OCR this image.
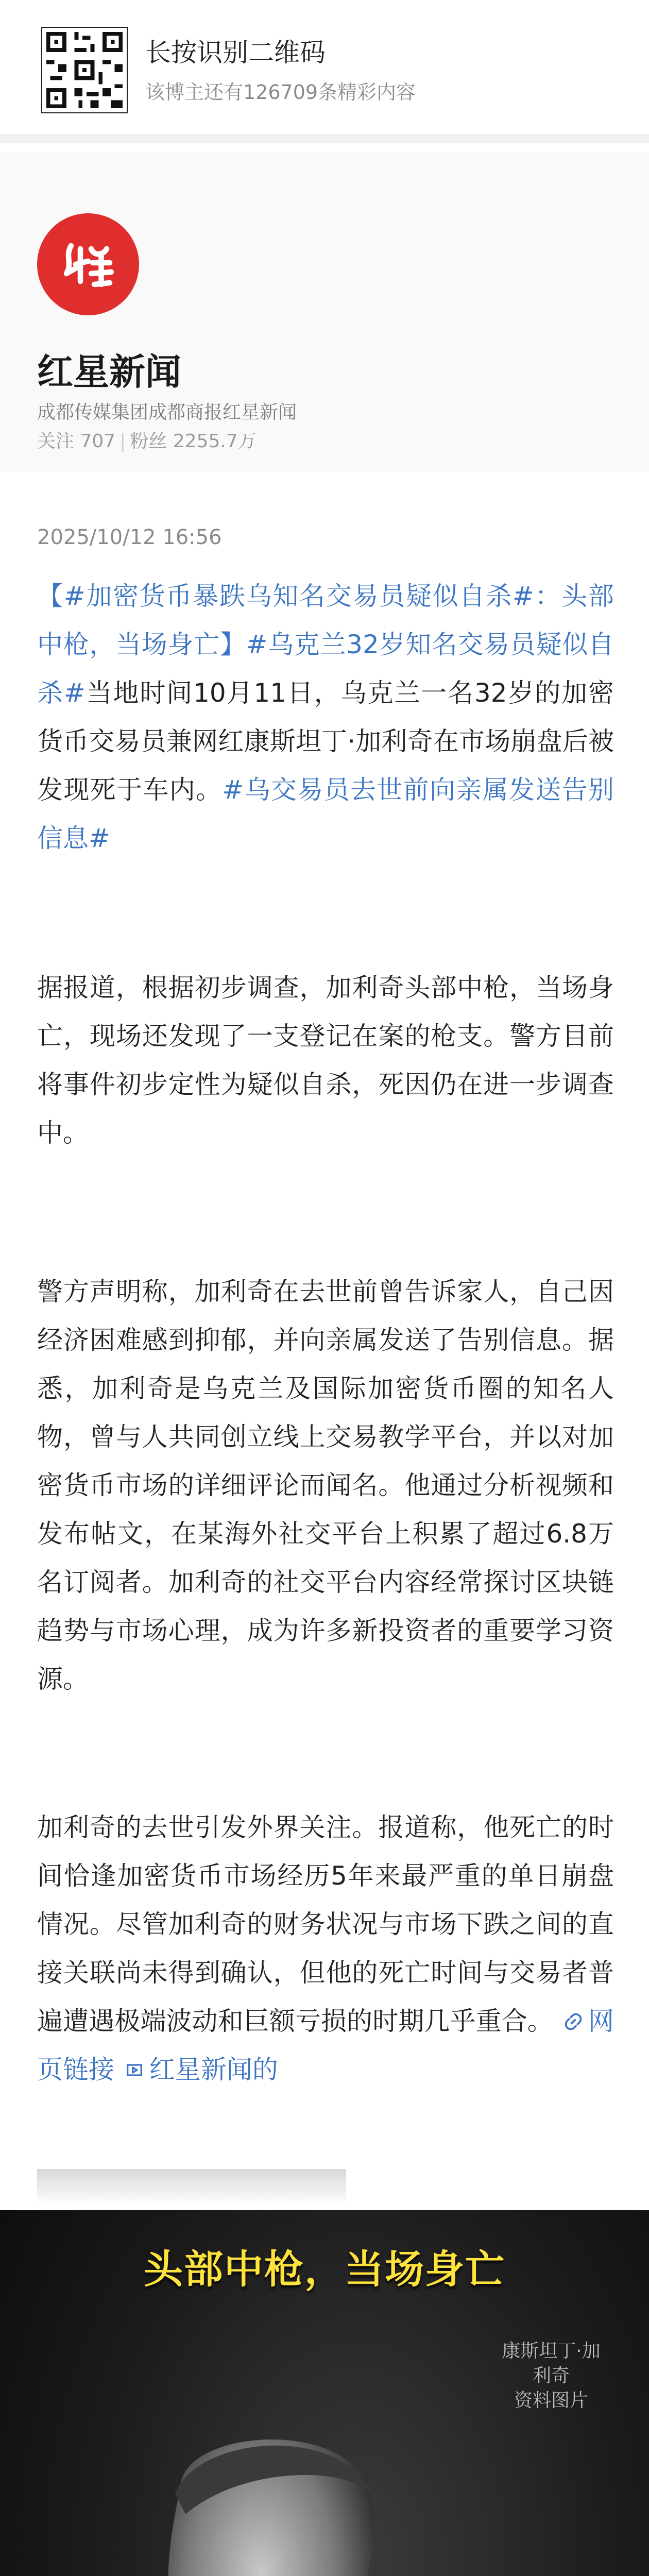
长按识别二维码
该博主还有126709条精彩内容
红星新闻
成都传媒集团成都商报红星新闻
关注 707 | 粉丝 2255.7万
2025/10/12 16:56
【#加密货币暴跌乌知名交易员疑似自杀#：头部中枪，当场身亡】#乌克兰32岁知名交易员疑似自杀#当地时间10月11日，乌克兰一名32岁的加密货币交易员兼网红康斯坦丁·加利奇在市场崩盘后被发现死于车内。#乌交易员去世前向亲属发送告别信息#
据报道，根据初步调查，加利奇头部中枪，当场身亡，现场还发现了一支登记在案的枪支。警方目前将事件初步定性为疑似自杀，死因仍在进一步调查中。
警方声明称，加利奇在去世前曾告诉家人，自己因经济困难感到抑郁，并向亲属发送了告别信息。据悉，加利奇是乌克兰及国际加密货币圈的知名人物，曾与人共同创立线上交易教学平台，并以对加密货币市场的详细评论而闻名。他通过分析视频和发布帖文，在某海外社交平台上积累了超过6.8万名订阅者。加利奇的社交平台内容经常探讨区块链趋势与市场心理，成为许多新投资者的重要学习资源。
加利奇的去世引发外界关注。报道称，他死亡的时间恰逢加密货币市场经历5年来最严重的单日崩盘情况。尽管加利奇的财务状况与市场下跌之间的直接关联尚未得到确认，但他的死亡时间与交易者普遍遭遇极端波动和巨额亏损的时期几乎重合。 网页链接 红星新闻的
头部中枪，当场身亡
康斯坦丁·加利奇
资料图片
